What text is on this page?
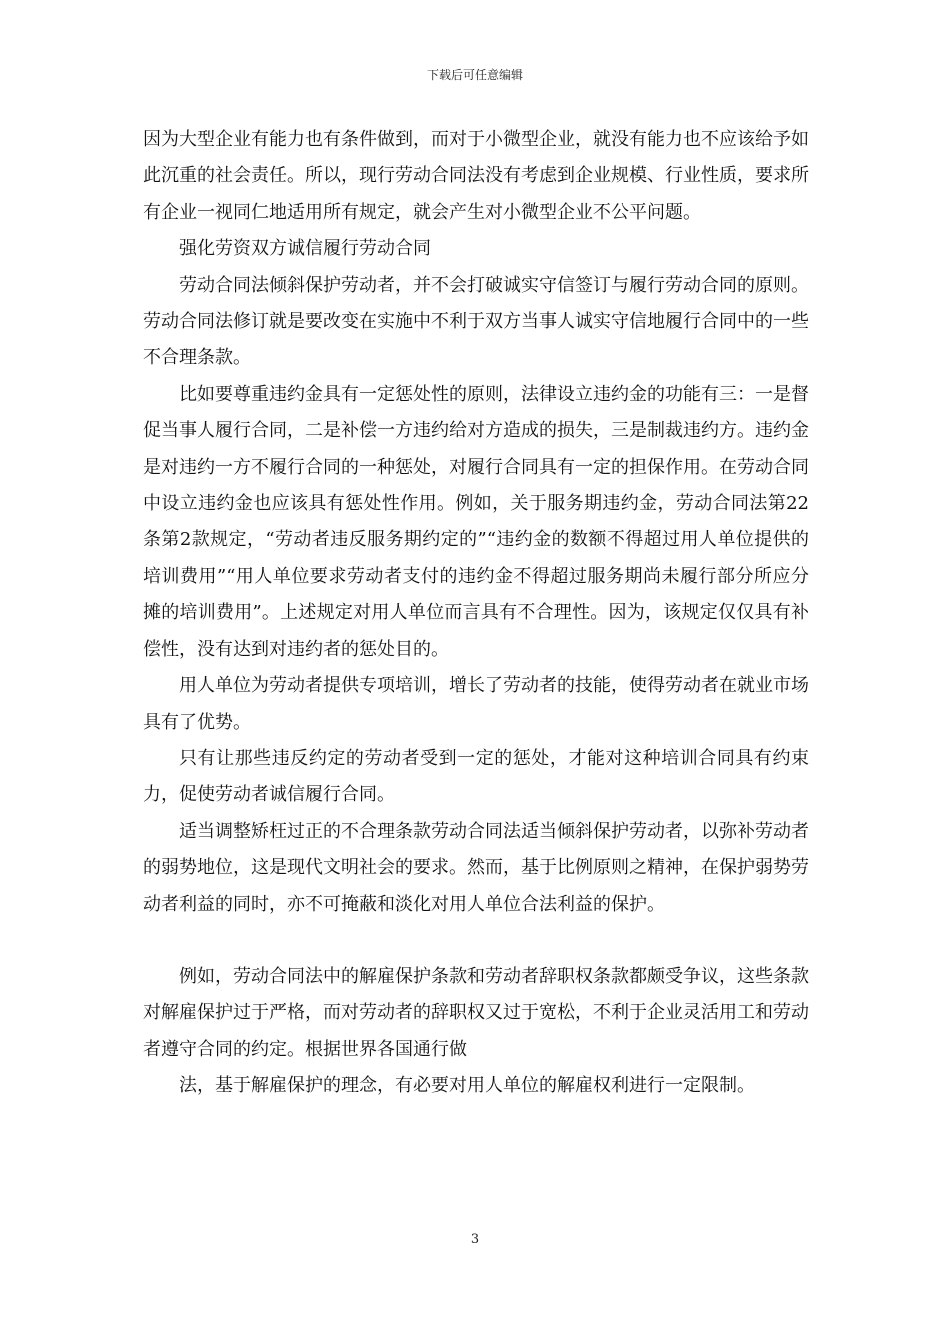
下载后可任意编辑

因为大型企业有能力也有条件做到，而对于小微型企业，就没有能力也不应该给予如此沉重的社会责任。所以，现行劳动合同法没有考虑到企业规模、行业性质，要求所有企业一视同仁地适用所有规定，就会产生对小微型企业不公平问题。

强化劳资双方诚信履行劳动合同

劳动合同法倾斜保护劳动者，并不会打破诚实守信签订与履行劳动合同的原则。劳动合同法修订就是要改变在实施中不利于双方当事人诚实守信地履行合同中的一些不合理条款。

比如要尊重违约金具有一定惩处性的原则，法律设立违约金的功能有三：一是督促当事人履行合同，二是补偿一方违约给对方造成的损失，三是制裁违约方。违约金是对违约一方不履行合同的一种惩处，对履行合同具有一定的担保作用。在劳动合同中设立违约金也应该具有惩处性作用。例如，关于服务期违约金，劳动合同法第22条第2款规定，“劳动者违反服务期约定的”“违约金的数额不得超过用人单位提供的培训费用”“用人单位要求劳动者支付的违约金不得超过服务期尚未履行部分所应分摊的培训费用”。上述规定对用人单位而言具有不合理性。因为，该规定仅仅具有补偿性，没有达到对违约者的惩处目的。

用人单位为劳动者提供专项培训，增长了劳动者的技能，使得劳动者在就业市场具有了优势。

只有让那些违反约定的劳动者受到一定的惩处，才能对这种培训合同具有约束力，促使劳动者诚信履行合同。

适当调整矫枉过正的不合理条款劳动合同法适当倾斜保护劳动者，以弥补劳动者的弱势地位，这是现代文明社会的要求。然而，基于比例原则之精神，在保护弱势劳动者利益的同时，亦不可掩蔽和淡化对用人单位合法利益的保护。

例如，劳动合同法中的解雇保护条款和劳动者辞职权条款都颇受争议，这些条款对解雇保护过于严格，而对劳动者的辞职权又过于宽松，不利于企业灵活用工和劳动者遵守合同的约定。根据世界各国通行做

法，基于解雇保护的理念，有必要对用人单位的解雇权利进行一定限制。

3
